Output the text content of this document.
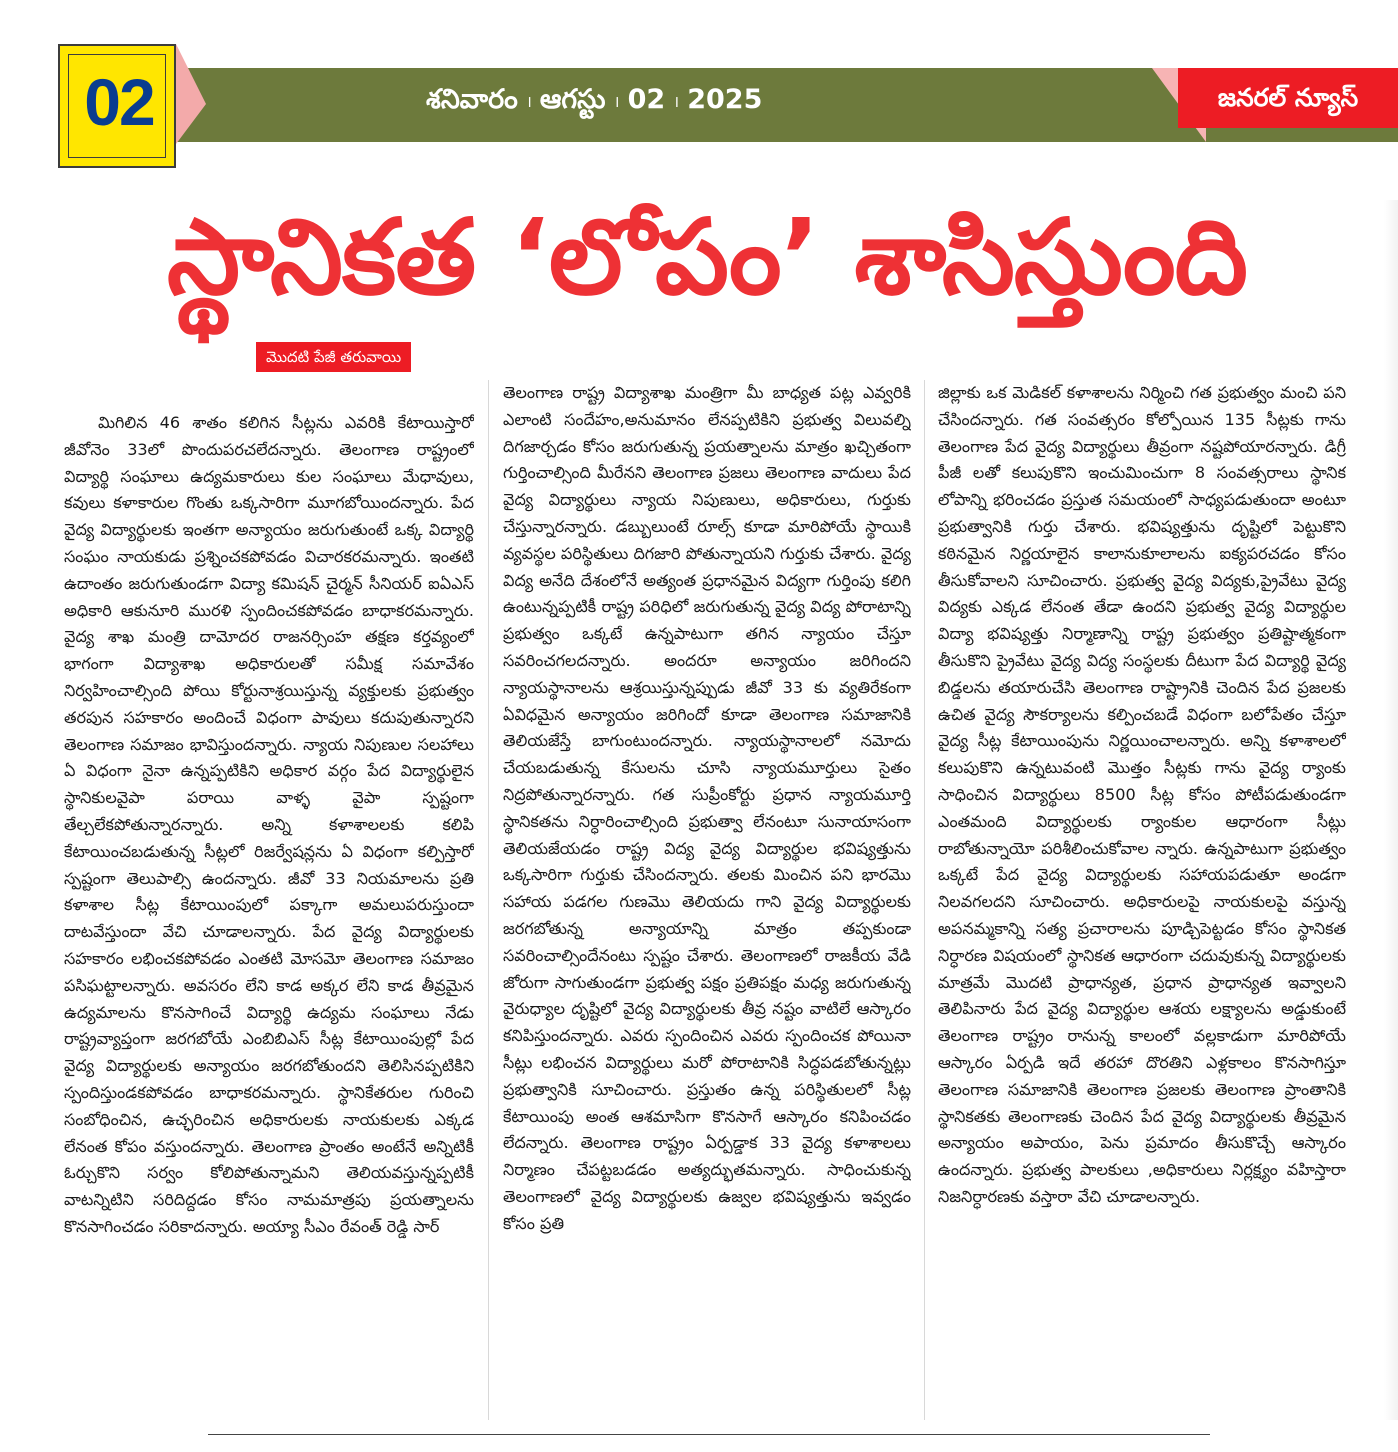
02	శనివారం । ఆగస్టు । 02 । 2025	జనరల్ న్యూస్
స్థానికత ‘లోపం’ శాసిస్తుంది
మొదటి పేజీ తరువాయి

మిగిలిన 46 శాతం కలిగిన సీట్లను ఎవరికి కేటాయిస్తారో జీవోనెం 33లో పొందుపరచలేదన్నారు. తెలంగాణ రాష్ట్రంలో విద్యార్థి సంఘాలు ఉద్యమకారులు కుల సంఘాలు మేధావులు, కవులు కళాకారుల గొంతు ఒక్కసారిగా మూగబోయిందన్నారు. పేద వైద్య విద్యార్థులకు ఇంతగా అన్యాయం జరుగుతుంటే ఒక్క విద్యార్థి సంఘం నాయకుడు ప్రశ్నించకపోవడం విచారకరమన్నారు. ఇంతటి ఉదాంతం జరుగుతుండగా విద్యా కమిషన్ చైర్మన్ సీనియర్ ఐఏఎస్ అధికారి ఆకునూరి మురళి స్పందించకపోవడం బాధాకరమన్నారు. వైద్య శాఖ మంత్రి దామోదర రాజనర్సింహ తక్షణ కర్తవ్యంలో భాగంగా విద్యాశాఖ అధికారులతో సమీక్ష సమావేశం నిర్వహించాల్సింది పోయి కోర్టునాశ్రయిస్తున్న వ్యక్తులకు ప్రభుత్వం తరపున సహకారం అందించే విధంగా పావులు కదుపుతున్నారని తెలంగాణ సమాజం భావిస్తుందన్నారు. న్యాయ నిపుణుల సలహాలు ఏ విధంగా నైనా ఉన్నప్పటికిని అధికార వర్గం పేద విద్యార్థులైన స్థానికులవైపా పరాయి వాళ్ళ వైపా స్పష్టంగా తేల్చలేకపోతున్నారన్నారు. అన్ని కళాశాలలకు కలిపి కేటాయించబడుతున్న సీట్లలో రిజర్వేషన్లను ఏ విధంగా కల్పిస్తారో స్పష్టంగా తెలుపాల్సి ఉందన్నారు. జీవో 33 నియమాలను ప్రతి కళాశాల సీట్ల కేటాయింపులో పక్కాగా అమలుపరుస్తుందా దాటవేస్తుందా వేచి చూడాలన్నారు. పేద వైద్య విద్యార్థులకు సహకారం లభించకపోవడం ఎంతటి మోసమో తెలంగాణ సమాజం పసిఘట్టాలన్నారు. అవసరం లేని కాడ అక్కర లేని కాడ తీవ్రమైన ఉద్యమాలను కొనసాగించే విద్యార్థి ఉద్యమ సంఘాలు నేడు రాష్ట్రవ్యాప్తంగా జరగబోయే ఎంబిబిఎస్ సీట్ల కేటాయింపుల్లో పేద వైద్య విద్యార్థులకు అన్యాయం జరగబోతుందని తెలిసినప్పటికిని స్పందిస్తుండకపోవడం బాధాకరమన్నారు. స్థానికేతరుల గురించి సంబోధించిన, ఉచ్ఛరించిన అధికారులకు నాయకులకు ఎక్కడ లేనంత కోపం వస్తుందన్నారు. తెలంగాణ ప్రాంతం అంటేనే అన్నిటికీ ఓర్చుకొని సర్వం కోలిపోతున్నామని తెలియవస్తున్నప్పటికీ వాటన్నిటిని సరిదిద్దడం కోసం నామమాత్రపు ప్రయత్నాలను కొనసాగించడం సరికాదన్నారు. అయ్యా సీఎం రేవంత్ రెడ్డి సార్

తెలంగాణ రాష్ట్ర విద్యాశాఖ మంత్రిగా మీ బాధ్యత పట్ల ఎవ్వరికి ఎలాంటి సందేహం,అనుమానం లేనప్పటికిని ప్రభుత్వ విలువల్ని దిగజార్చడం కోసం జరుగుతున్న ప్రయత్నాలను మాత్రం ఖచ్చితంగా గుర్తించాల్సింది మీరేనని తెలంగాణ ప్రజలు తెలంగాణ వాదులు పేద వైద్య విద్యార్థులు న్యాయ నిపుణులు, అధికారులు, గుర్తుకు చేస్తున్నారన్నారు. డబ్బులుంటే రూల్స్ కూడా మారిపోయే స్థాయికి వ్యవస్థల పరిస్థితులు దిగజారి పోతున్నాయని గుర్తుకు చేశారు. వైద్య విద్య అనేది దేశంలోనే అత్యంత ప్రధానమైన విద్యగా గుర్తింపు కలిగి ఉంటున్నప్పటికీ రాష్ట్ర పరిధిలో జరుగుతున్న వైద్య విద్య పోరాటాన్ని ప్రభుత్వం ఒక్కటే ఉన్నపాటుగా తగిన న్యాయం చేస్తూ సవరించగలదన్నారు. అందరూ అన్యాయం జరిగిందని న్యాయస్థానాలను ఆశ్రయిస్తున్నప్పుడు జీవో 33 కు వ్యతిరేకంగా ఏవిధమైన అన్యాయం జరిగిందో కూడా తెలంగాణ సమాజానికి తెలియజేస్తే బాగుంటుందన్నారు. న్యాయస్థానాలలో నమోదు చేయబడుతున్న కేసులను చూసి న్యాయమూర్తులు సైతం నిద్రపోతున్నారన్నారు. గత సుప్రీంకోర్టు ప్రధాన న్యాయమూర్తి స్థానికతను నిర్ధారించాల్సింది ప్రభుత్వా లేనంటూ సునాయాసంగా తెలియజేయడం రాష్ట్ర విద్య వైద్య విద్యార్థుల భవిష్యత్తును ఒక్కసారిగా గుర్తుకు చేసిందన్నారు. తలకు మించిన పని భారమొ సహాయ పడగల గుణమొ తెలియదు గాని వైద్య విద్యార్థులకు జరగబోతున్న అన్యాయాన్ని మాత్రం తప్పకుండా సవరించాల్సిందేనంటు స్పష్టం చేశారు. తెలంగాణలో రాజకీయ వేడి జోరుగా సాగుతుండగా ప్రభుత్వ పక్షం ప్రతిపక్షం మధ్య జరుగుతున్న వైరుధ్యాల దృష్టిలో వైద్య విద్యార్థులకు తీవ్ర నష్టం వాటిలే ఆస్కారం కనిపిస్తుందన్నారు. ఎవరు స్పందించిన ఎవరు స్పందించక పోయినా సీట్లు లభించన విద్యార్థులు మరో పోరాటానికి సిద్ధపడబోతున్నట్లు ప్రభుత్వానికి సూచించారు. ప్రస్తుతం ఉన్న పరిస్థితులలో సీట్ల కేటాయింపు అంత ఆశమాసిగా కొనసాగే ఆస్కారం కనిపించడం లేదన్నారు. తెలంగాణ రాష్ట్రం ఏర్పడ్డాక 33 వైద్య కళాశాలలు నిర్మాణం చేపట్టబడడం అత్యద్భుతమన్నారు. సాధించుకున్న తెలంగాణలో వైద్య విద్యార్థులకు ఉజ్వల భవిష్యత్తును ఇవ్వడం కోసం ప్రతి

జిల్లాకు ఒక మెడికల్ కళాశాలను నిర్మించి గత ప్రభుత్వం మంచి పని చేసిందన్నారు. గత సంవత్సరం కోల్పోయిన 135 సీట్లకు గాను తెలంగాణ పేద వైద్య విద్యార్థులు తీవ్రంగా నష్టపోయారన్నారు. డిగ్రీ పీజీ లతో కలుపుకొని ఇంచుమించుగా 8 సంవత్సరాలు స్థానిక లోపాన్ని భరించడం ప్రస్తుత సమయంలో సాధ్యపడుతుందా అంటూ ప్రభుత్వానికి గుర్తు చేశారు. భవిష్యత్తును దృష్టిలో పెట్టుకొని కఠినమైన నిర్ణయాలైన కాలానుకూలాలను ఐక్యపరచడం కోసం తీసుకోవాలని సూచించారు. ప్రభుత్వ వైద్య విద్యకు,ప్రైవేటు వైద్య విద్యకు ఎక్కడ లేనంత తేడా ఉందని ప్రభుత్వ వైద్య విద్యార్థుల విద్యా భవిష్యత్తు నిర్మాణాన్ని రాష్ట్ర ప్రభుత్వం ప్రతిష్టాత్మకంగా తీసుకొని ప్రైవేటు వైద్య విద్య సంస్థలకు దీటుగా పేద విద్యార్థి వైద్య బిడ్డలను తయారుచేసి తెలంగాణ రాష్ట్రానికి చెందిన పేద ప్రజలకు ఉచిత వైద్య సౌకర్యాలను కల్పించబడే విధంగా బలోపేతం చేస్తూ వైద్య సీట్ల కేటాయింపును నిర్ణయించాలన్నారు. అన్ని కళాశాలలో కలుపుకొని ఉన్నటువంటి మొత్తం సీట్లకు గాను వైద్య ర్యాంకు సాధించిన విద్యార్థులు 8500 సీట్ల కోసం పోటీపడుతుండగా ఎంతమంది విద్యార్థులకు ర్యాంకుల ఆధారంగా సీట్లు రాబోతున్నాయో పరిశీలించుకోవాల న్నారు. ఉన్నపాటుగా ప్రభుత్వం ఒక్కటే పేద వైద్య విద్యార్థులకు సహాయపడుతూ అండగా నిలవగలదని సూచించారు. అధికారులపై నాయకులపై వస్తున్న అపనమ్మకాన్ని సత్య ప్రచారాలను పూడ్చిపెట్టడం కోసం స్థానికత నిర్ధారణ విషయంలో స్థానికత ఆధారంగా చదువుకున్న విద్యార్థులకు మాత్రమే మొదటి ప్రాధాన్యత, ప్రధాన ప్రాధాన్యత ఇవ్వాలని తెలిపినారు పేద వైద్య విద్యార్థుల ఆశయ లక్ష్యాలను అడ్డుకుంటే తెలంగాణ రాష్ట్రం రానున్న కాలంలో వల్లకాడుగా మారిపోయే ఆస్కారం ఏర్పడి ఇదే తరహా దొరతిని ఎళ్లకాలం కొనసాగిస్తూ తెలంగాణ సమాజానికి తెలంగాణ ప్రజలకు తెలంగాణ ప్రాంతానికి స్థానికతకు తెలంగాణకు చెందిన పేద వైద్య విద్యార్థులకు తీవ్రమైన అన్యాయం అపాయం, పెను ప్రమాదం తీసుకొచ్చే ఆస్కారం ఉందన్నారు. ప్రభుత్వ పాలకులు ,అధికారులు నిర్లక్ష్యం వహిస్తారా నిజనిర్ధారణకు వస్తారా వేచి చూడాలన్నారు.
